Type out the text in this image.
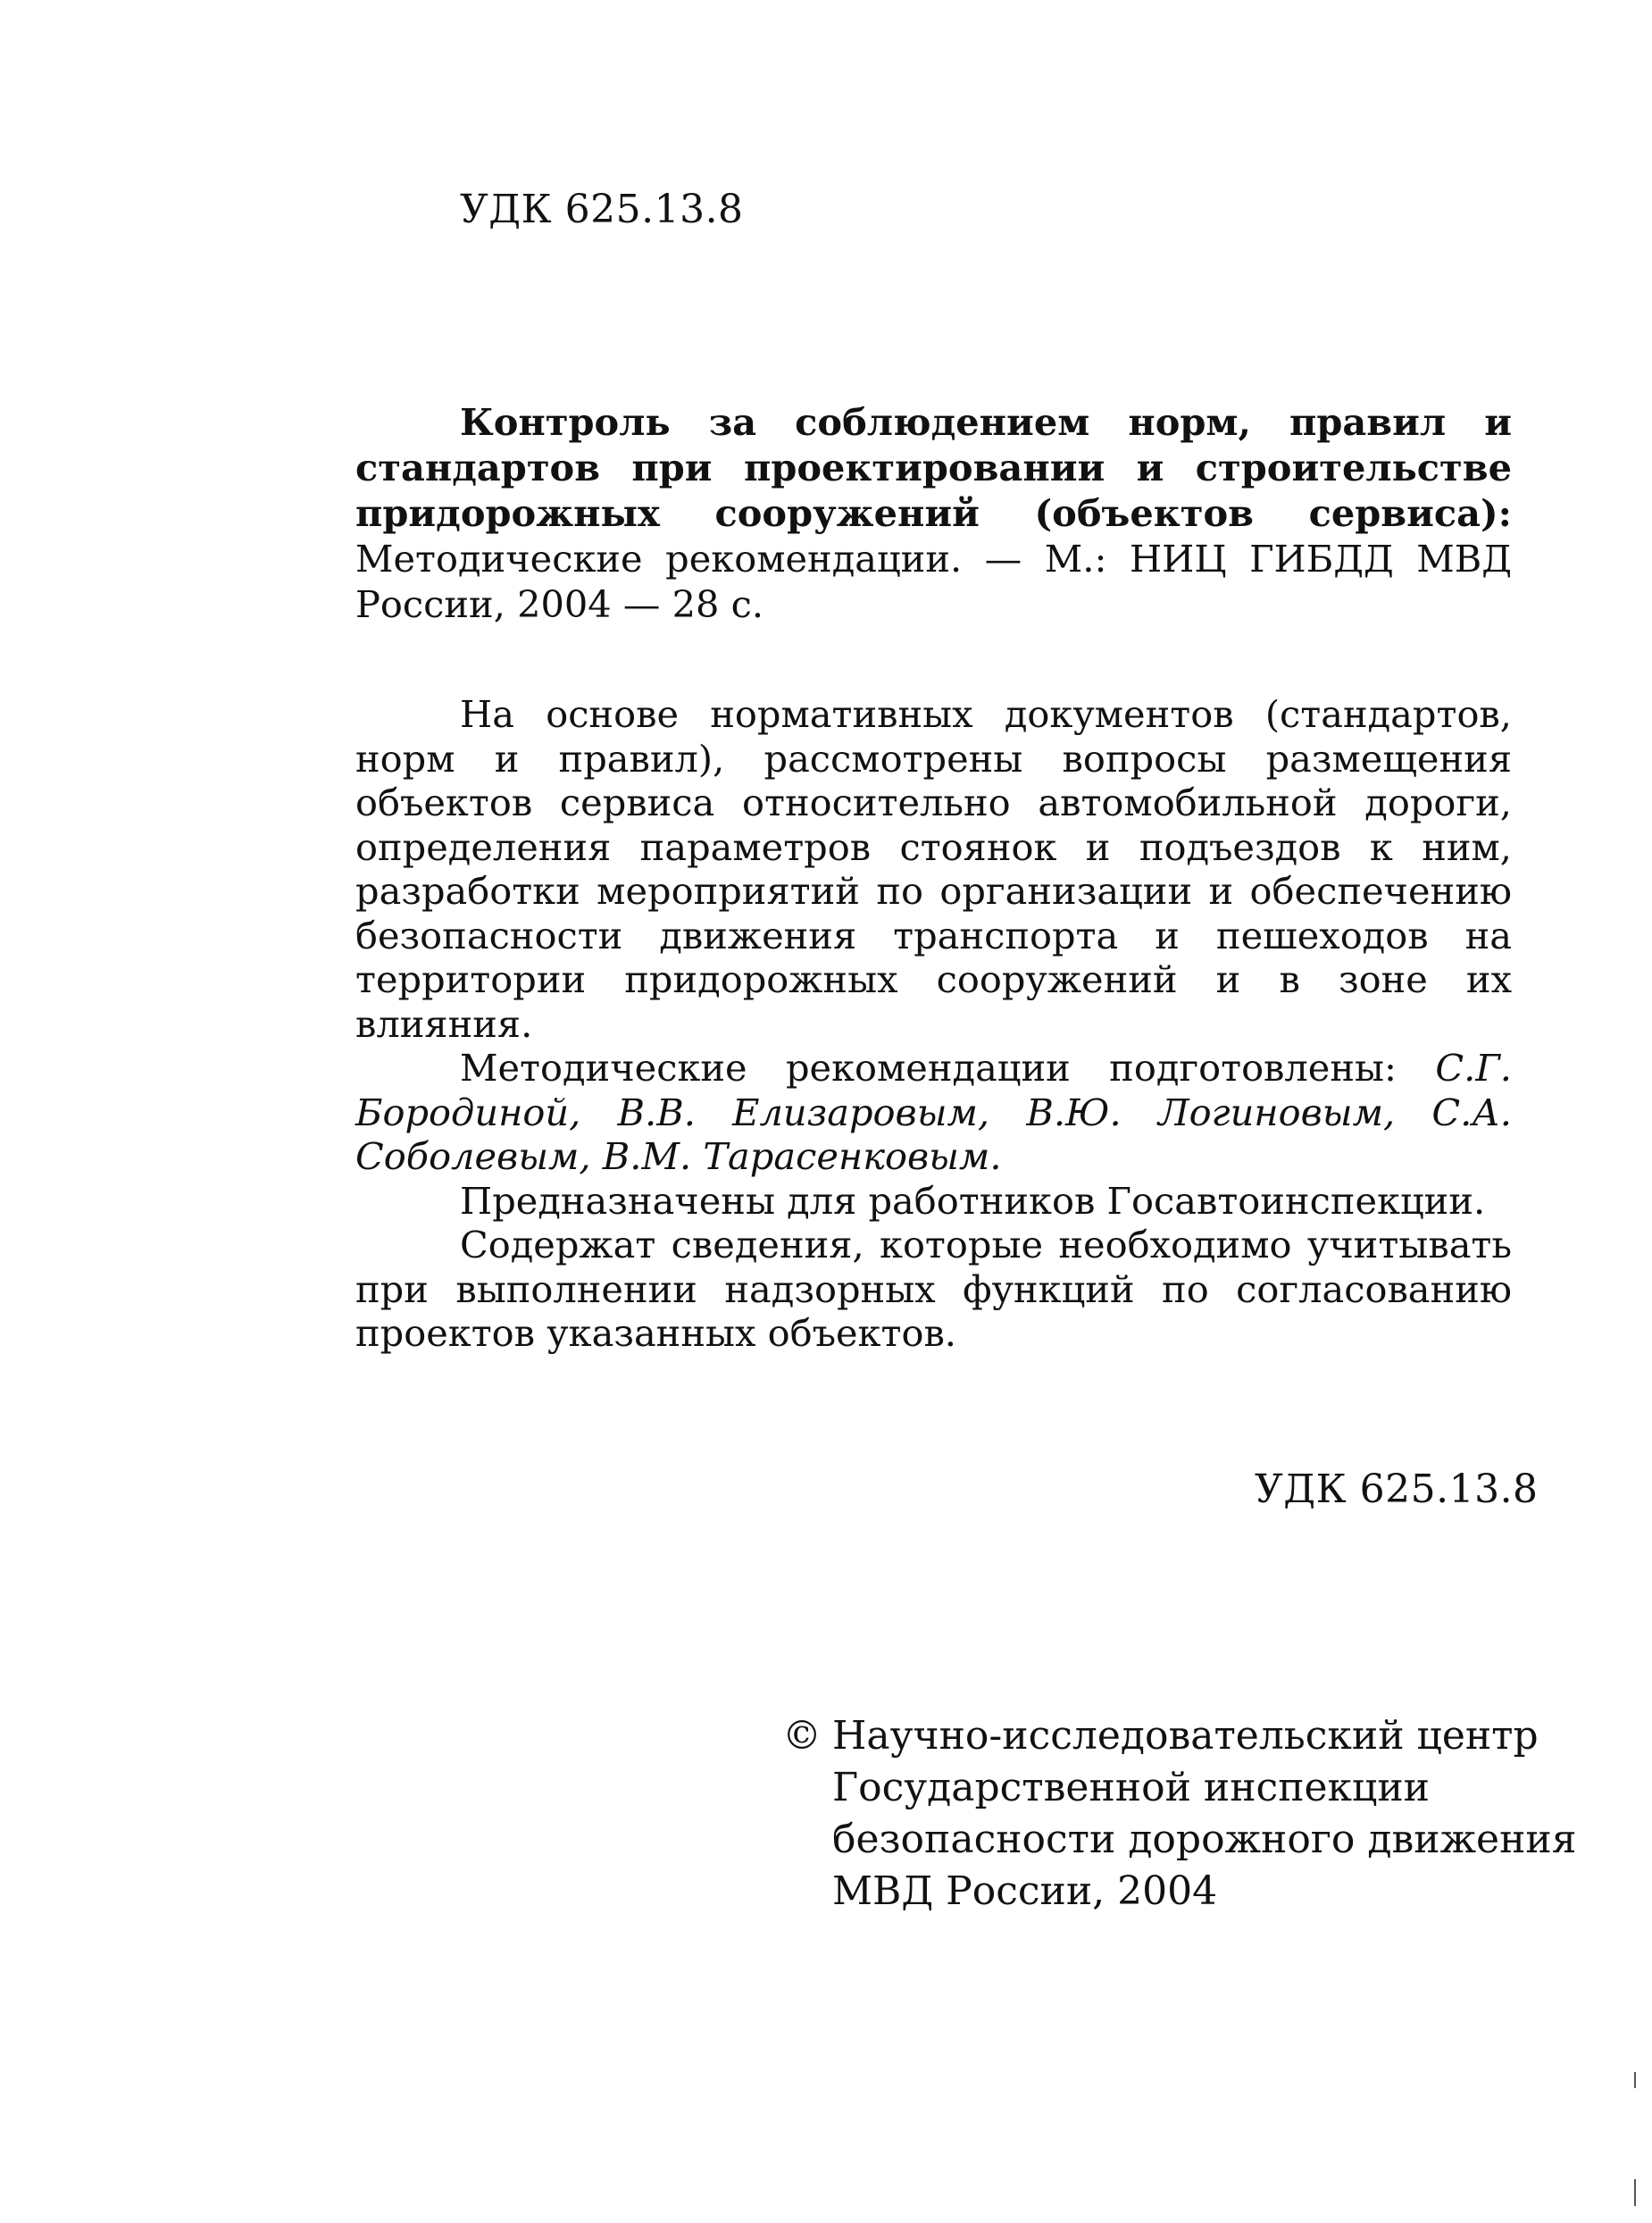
УДК 625.13.8
Контроль за соблюдением норм, правил и стандартов при проектировании и строительстве придорожных сооружений (объектов сервиса): Методические рекомендации. — М.: НИЦ ГИБДД МВД России, 2004 — 28 с.

На основе нормативных документов (стандартов, норм и правил), рассмотрены вопросы размещения объектов сервиса относительно автомобильной дороги, определения параметров стоянок и подъездов к ним, разработки мероприятий по организации и обеспечению безопасности движения транспорта и пешеходов на территории придорожных сооружений и в зоне их влияния.

Методические рекомендации подготовлены: С.Г. Бородиной, В.В. Елизаровым, В.Ю. Логиновым, С.А. Соболевым, В.М. Тарасенковым.

Предназначены для работников Госавтоинспекции.

Содержат сведения, которые необходимо учитывать при выполнении надзорных функций по согласованию проектов указанных объектов.

УДК 625.13.8
© Научно-исследовательский центр
Государственной инспекции
безопасности дорожного движения
МВД России, 2004
